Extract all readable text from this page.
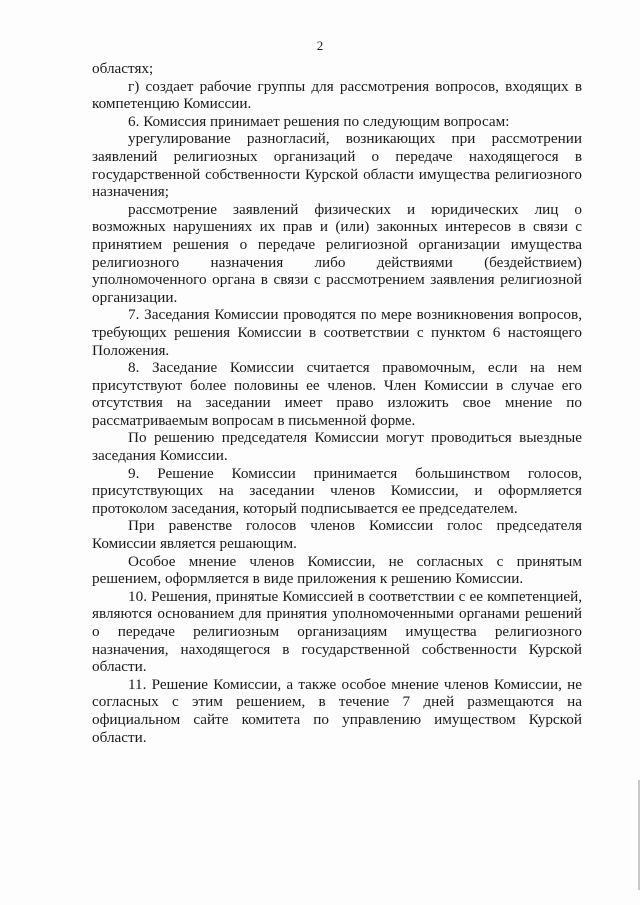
2

областях;

г) создает рабочие группы для рассмотрения вопросов, входящих в компетенцию Комиссии.

6. Комиссия принимает решения по следующим вопросам:

урегулирование разногласий, возникающих при рассмотрении заявлений религиозных организаций о передаче находящегося в государственной собственности Курской области имущества религиозного назначения;

рассмотрение заявлений физических и юридических лиц о возможных нарушениях их прав и (или) законных интересов в связи с принятием решения о передаче религиозной организации имущества религиозного назначения либо действиями (бездействием) уполномоченного органа в связи с рассмотрением заявления религиозной организации.

7. Заседания Комиссии проводятся по мере возникновения вопросов, требующих решения Комиссии в соответствии с пунктом 6 настоящего Положения.

8. Заседание Комиссии считается правомочным, если на нем присутствуют более половины ее членов. Член Комиссии в случае его отсутствия на заседании имеет право изложить свое мнение по рассматриваемым вопросам в письменной форме.

По решению председателя Комиссии могут проводиться выездные заседания Комиссии.

9. Решение Комиссии принимается большинством голосов, присутствующих на заседании членов Комиссии, и оформляется протоколом заседания, который подписывается ее председателем.

При равенстве голосов членов Комиссии голос председателя Комиссии является решающим.

Особое мнение членов Комиссии, не согласных с принятым решением, оформляется в виде приложения к решению Комиссии.

10. Решения, принятые Комиссией в соответствии с ее компетенцией, являются основанием для принятия уполномоченными органами решений о передаче религиозным организациям имущества религиозного назначения, находящегося в государственной собственности Курской области.

11. Решение Комиссии, а также особое мнение членов Комиссии, не согласных с этим решением, в течение 7 дней размещаются на официальном сайте комитета по управлению имуществом Курской области.
